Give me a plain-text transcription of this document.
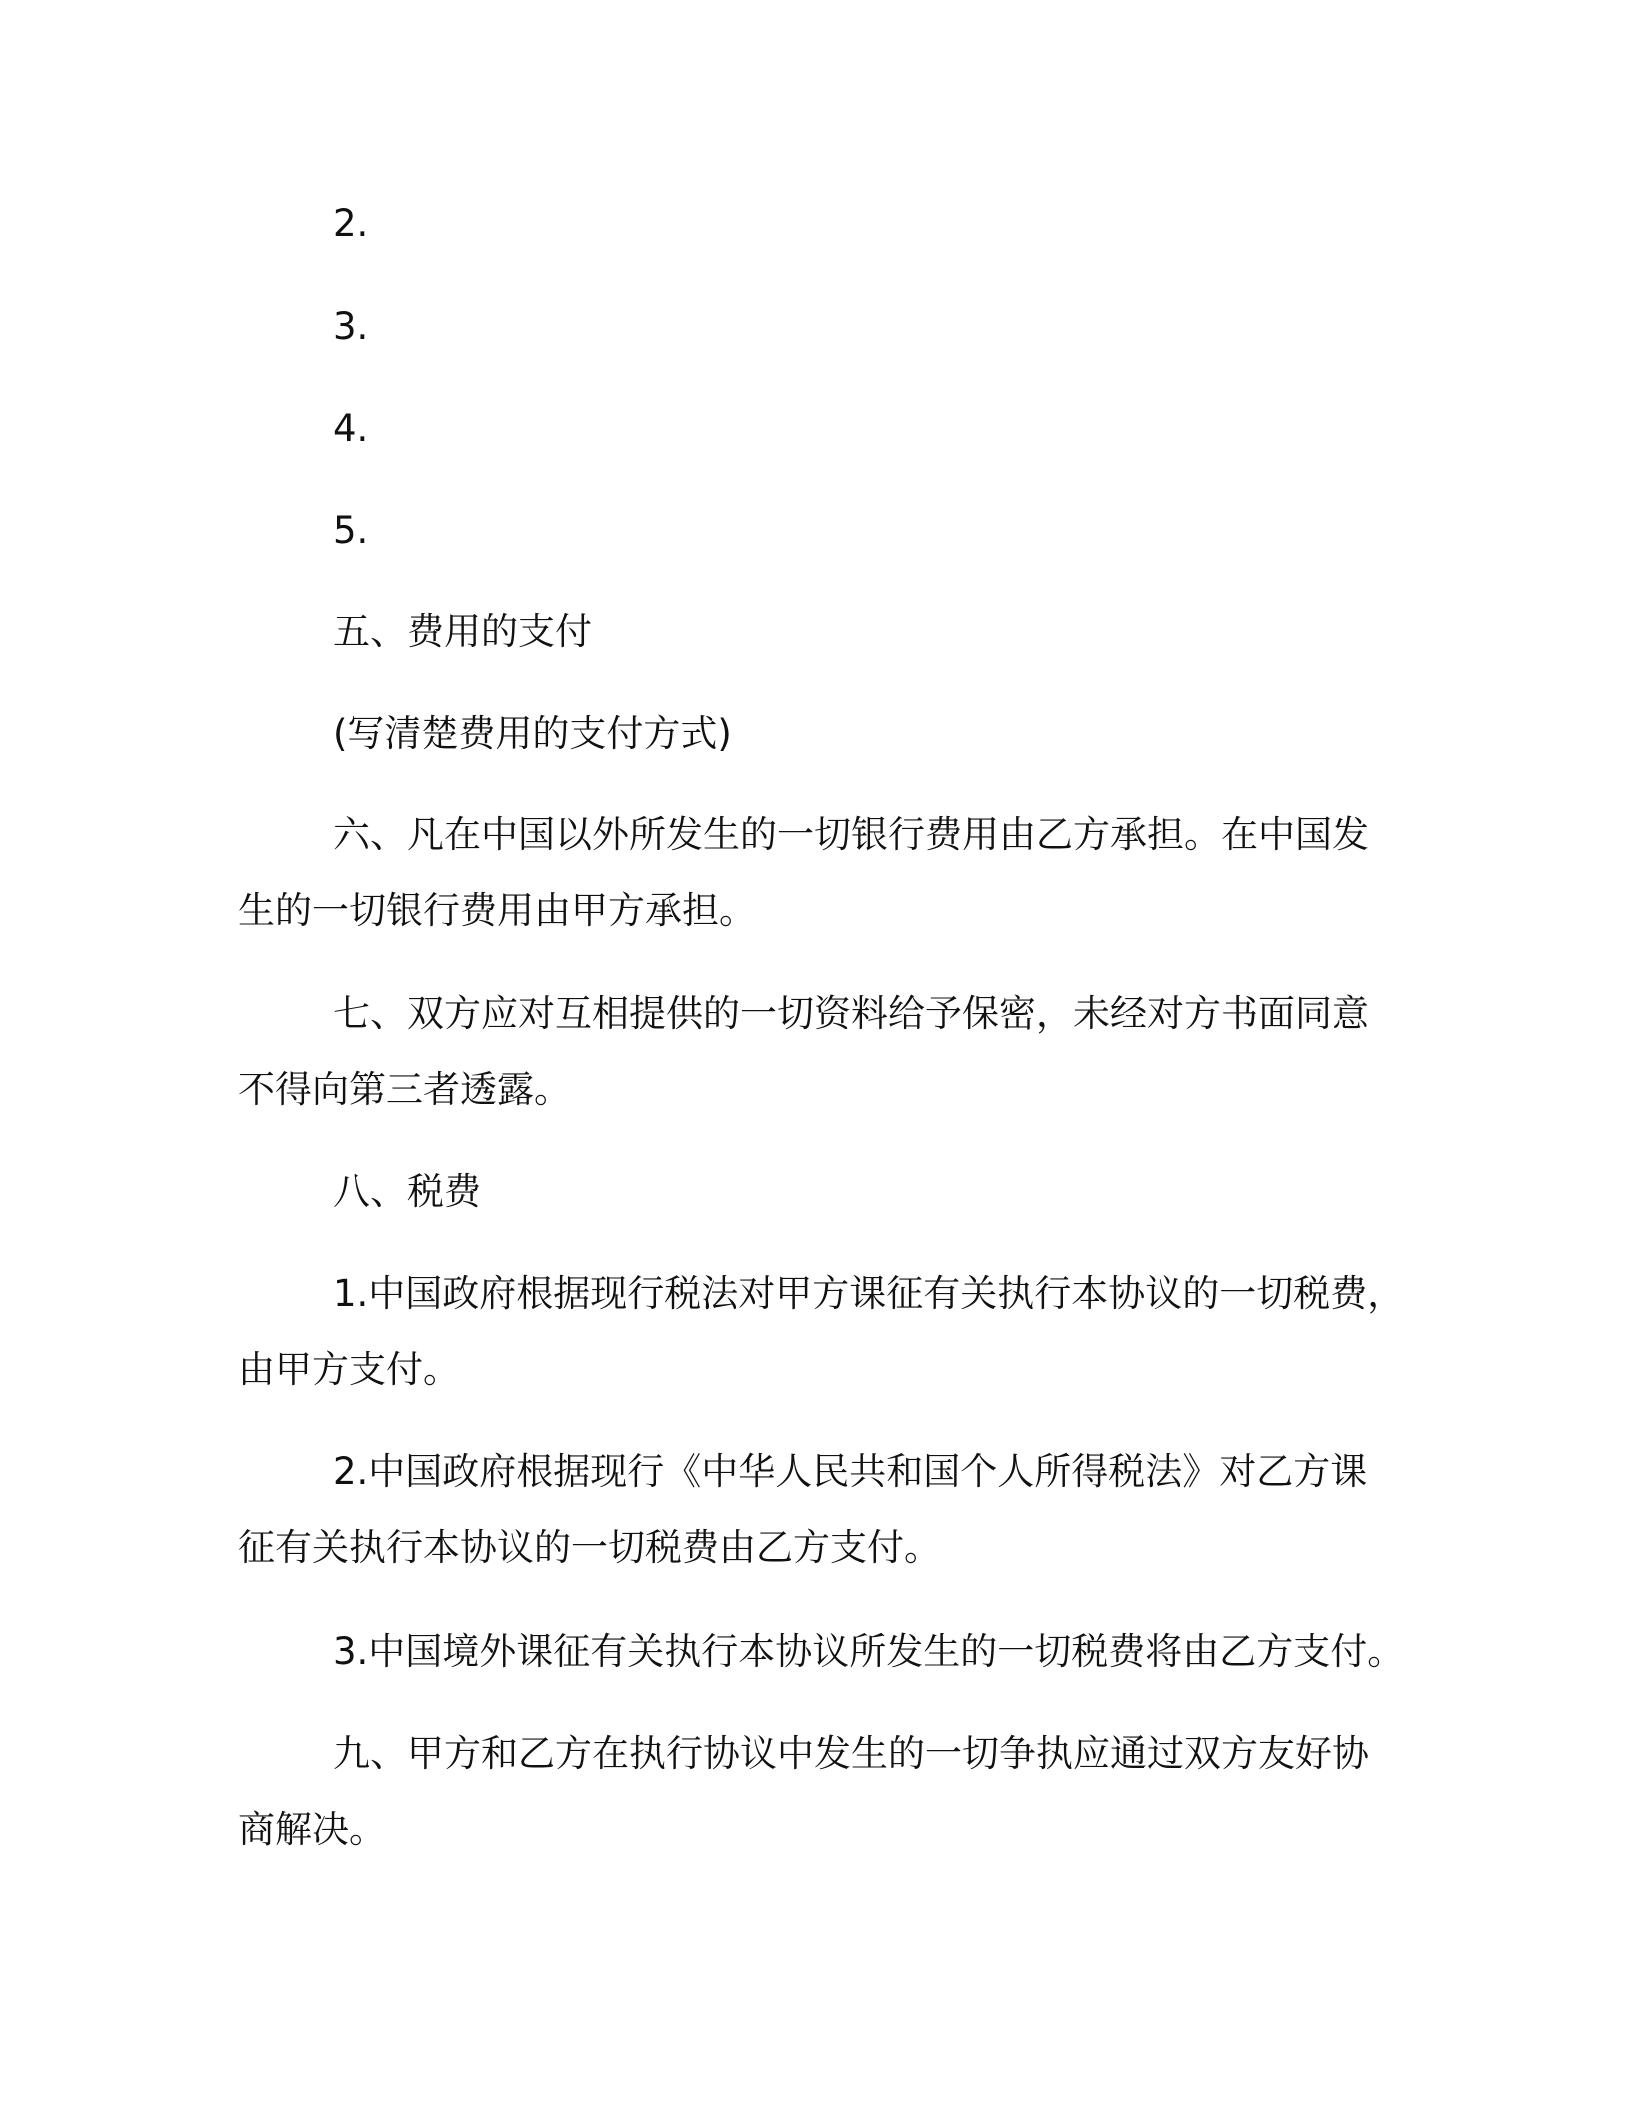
2.
3.
4.
5.
五、费用的支付
(写清楚费用的支付方式)
六、凡在中国以外所发生的一切银行费用由乙方承担。在中国发
生的一切银行费用由甲方承担。
七、双方应对互相提供的一切资料给予保密，未经对方书面同意
不得向第三者透露。
八、税费
1.中国政府根据现行税法对甲方课征有关执行本协议的一切税费，
由甲方支付。
2.中国政府根据现行《中华人民共和国个人所得税法》对乙方课
征有关执行本协议的一切税费由乙方支付。
3.中国境外课征有关执行本协议所发生的一切税费将由乙方支付。
九、甲方和乙方在执行协议中发生的一切争执应通过双方友好协
商解决。
